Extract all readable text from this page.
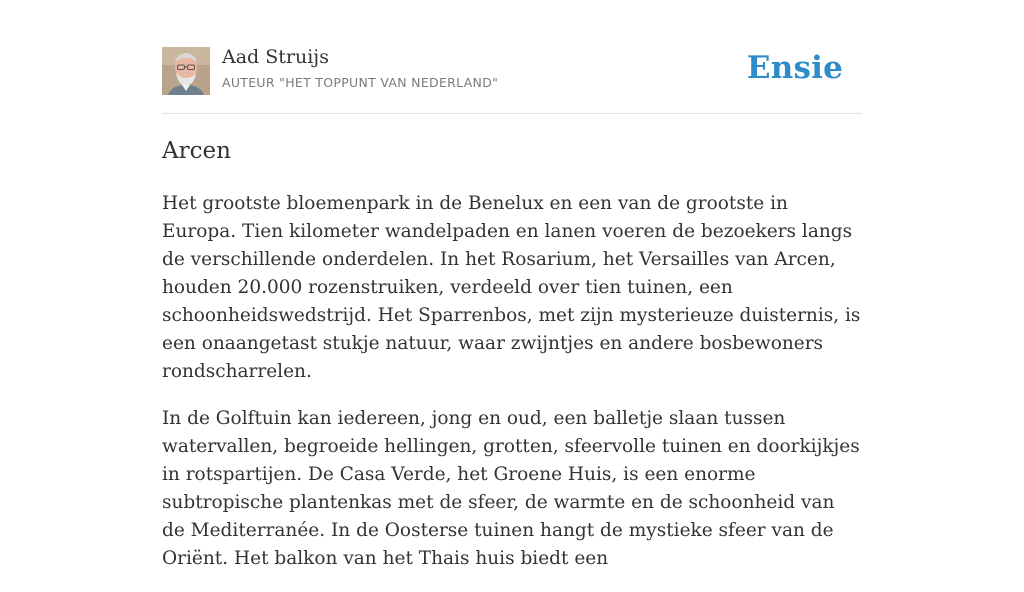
Aad Struijs
AUTEUR "HET TOPPUNT VAN NEDERLAND"	Ensie
Arcen

Het grootste bloemenpark in de Benelux en een van de grootste in Europa. Tien kilometer wandelpaden en lanen voeren de bezoekers langs de verschillende onderdelen. In het Rosarium, het Versailles van Arcen, houden 20.000 rozenstruiken, verdeeld over tien tuinen, een schoonheidswedstrijd. Het Sparrenbos, met zijn mysterieuze duisternis, is een onaangetast stukje natuur, waar zwijntjes en andere bosbewoners rondscharrelen.

In de Golftuin kan iedereen, jong en oud, een balletje slaan tussen watervallen, begroeide hellingen, grotten, sfeervolle tuinen en doorkijkjes in rotspartijen. De Casa Verde, het Groene Huis, is een enorme subtropische plantenkas met de sfeer, de warmte en de schoonheid van de Mediterranée. In de Oosterse tuinen hangt de mystieke sfeer van de Oriënt. Het balkon van het Thais huis biedt een
